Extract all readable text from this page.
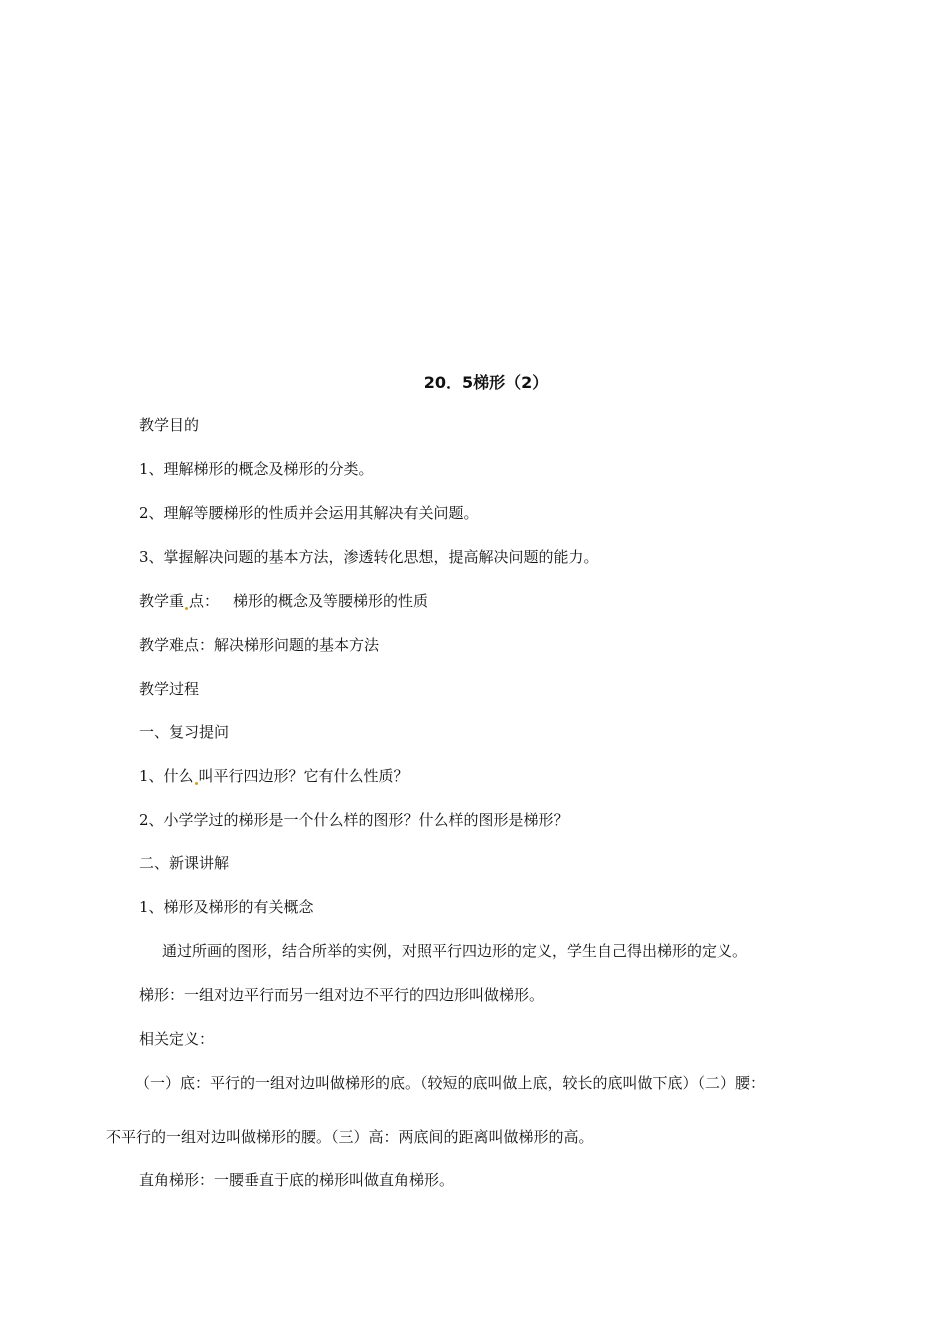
20．5梯形（2）
教学目的
1、理解梯形的概念及梯形的分类。
2、理解等腰梯形的性质并会运用其解决有关问题。
3、掌握解决问题的基本方法，渗透转化思想，提高解决问题的能力。
教学重 点： 梯形的概念及等腰梯形的性质
教学难点：解决梯形问题的基本方法
教学过程
一、复习提问
1、什么 叫平行四边形？它有什么性质？
2、小学学过的梯形是一个什么样的图形？什么样的图形是梯形？
二、新课讲解
1、梯形及梯形的有关概念
通过所画的图形，结合所举的实例，对照平行四边形的定义，学生自己得出梯形的定义。
梯形：一组对边平行而另一组对边不平行的四边形叫做梯形。
相关定义：
（一）底：平行的一组对边叫做梯形的底。（较短的底叫做上底，较长的底叫做下底）（二）腰：
不平行的一组对边叫做梯形的腰。（三）高：两底间的距离叫做梯形的高。
直角梯形：一腰垂直于底的梯形叫做直角梯形。
